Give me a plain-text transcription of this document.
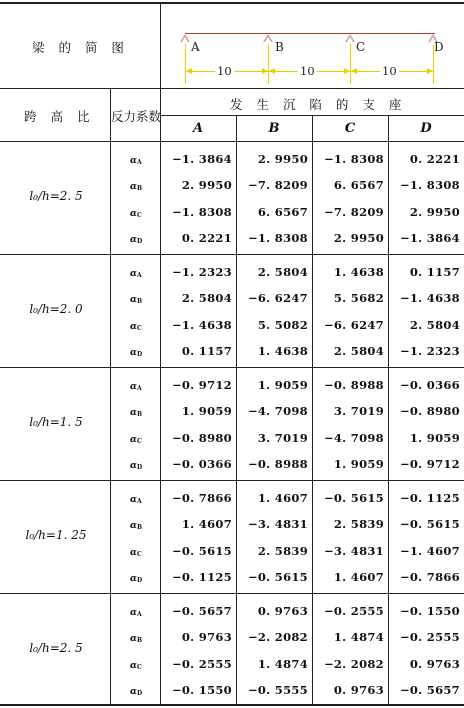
梁 的 简 图
跨 高 比 反力系数
发 生 沉 陷 的 支 座
A	B	C	D
10	10	10
A	B	C	D
l₀/h=2. 5
$\alpha_A$	−1. 3864	2. 9950	−1. 8308	0. 2221
$\alpha_B$	2. 9950	−7. 8209	6. 6567	−1. 8308
$\alpha_C$	−1. 8308	6. 6567	−7. 8209	2. 9950
$\alpha_D$	0. 2221	−1. 8308	2. 9950	−1. 3864
l₀/h=2. 0
$\alpha_A$	−1. 2323	2. 5804	1. 4638	0. 1157
$\alpha_B$	2. 5804	−6. 6247	5. 5682	−1. 4638
$\alpha_C$	−1. 4638	5. 5082	−6. 6247	2. 5804
$\alpha_D$	0. 1157	1. 4638	2. 5804	−1. 2323
l₀/h=1. 5
$\alpha_A$	−0. 9712	1. 9059	−0. 8988	−0. 0366
$\alpha_B$	1. 9059	−4. 7098	3. 7019	−0. 8980
$\alpha_C$	−0. 8980	3. 7019	−4. 7098	1. 9059
$\alpha_D$	−0. 0366	−0. 8988	1. 9059	−0. 9712
l₀/h=1. 25
$\alpha_A$	−0. 7866	1. 4607	−0. 5615	−0. 1125
$\alpha_B$	1. 4607	−3. 4831	2. 5839	−0. 5615
$\alpha_C$	−0. 5615	2. 5839	−3. 4831	−1. 4607
$\alpha_D$	−0. 1125	−0. 5615	1. 4607	−0. 7866
l₀/h=2. 5
$\alpha_A$	−0. 5657	0. 9763	−0. 2555	−0. 1550
$\alpha_B$	0. 9763	−2. 2082	1. 4874	−0. 2555
$\alpha_C$	−0. 2555	1. 4874	−2. 2082	0. 9763
$\alpha_D$	−0. 1550	−0. 5555	0. 9763	−0. 5657
